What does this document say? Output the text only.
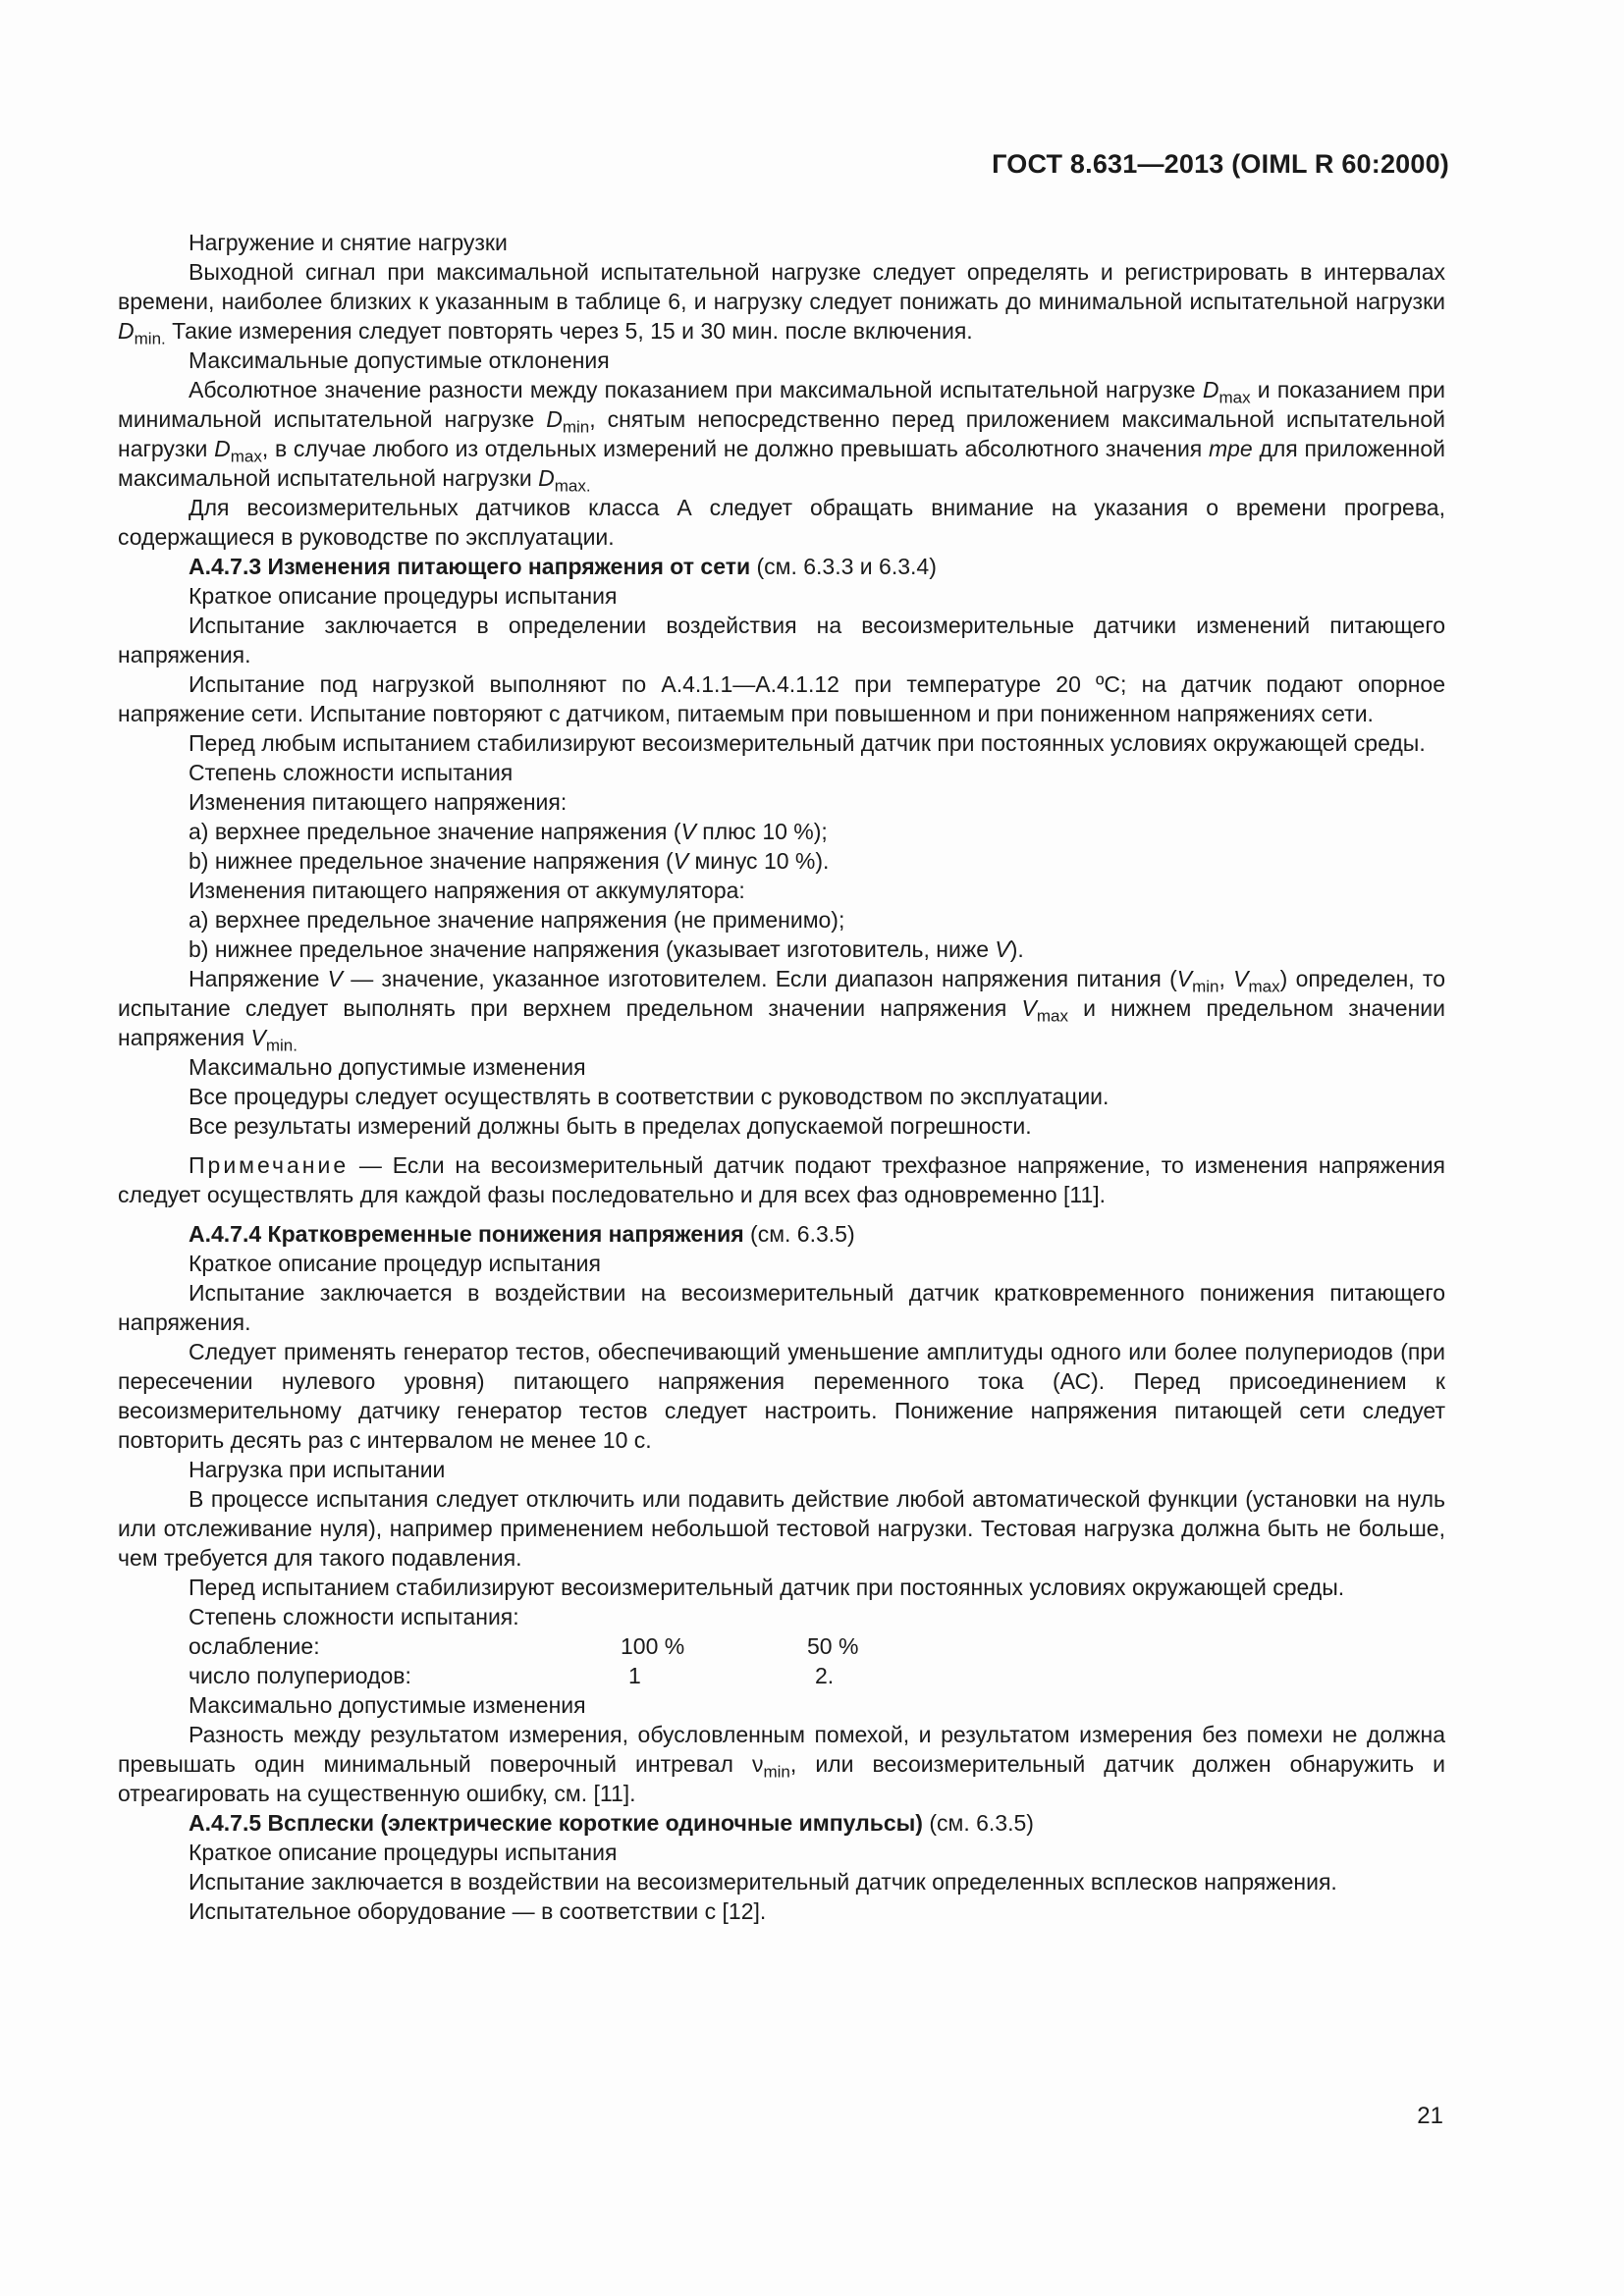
ГОСТ 8.631—2013 (OIML R 60:2000)

Нагружение и снятие нагрузки

Выходной сигнал при максимальной испытательной нагрузке следует определять и регистрировать в интервалах времени, наиболее близких к указанным в таблице 6, и нагрузку следует понижать до минимальной испытательной нагрузки $D_{min.}$ Такие измерения следует повторять через 5, 15 и 30 мин. после включения.

Максимальные допустимые отклонения

Абсолютное значение разности между показанием при максимальной испытательной нагрузке $D_{max}$ и показанием при минимальной испытательной нагрузке $D_{min}$, снятым непосредственно перед приложением максимальной испытательной нагрузки $D_{max}$, в случае любого из отдельных измерений не должно превышать абсолютного значения mpe для приложенной максимальной испытательной нагрузки $D_{max.}$

Для весоизмерительных датчиков класса А следует обращать внимание на указания о времени прогрева, содержащиеся в руководстве по эксплуатации.

А.4.7.3 Изменения питающего напряжения от сети (см. 6.3.3 и 6.3.4)

Краткое описание процедуры испытания

Испытание заключается в определении воздействия на весоизмерительные датчики изменений питающего напряжения.

Испытание под нагрузкой выполняют по А.4.1.1—А.4.1.12 при температуре 20 ºС; на датчик подают опорное напряжение сети. Испытание повторяют с датчиком, питаемым при повышенном и при пониженном напряжениях сети.

Перед любым испытанием стабилизируют весоизмерительный датчик при постоянных условиях окружающей среды.

Степень сложности испытания

Изменения питающего напряжения:

а) верхнее предельное значение напряжения (V плюс 10 %);

b) нижнее предельное значение напряжения (V минус 10 %).

Изменения питающего напряжения от аккумулятора:

а) верхнее предельное значение напряжения (не применимо);

b) нижнее предельное значение напряжения (указывает изготовитель, ниже V).

Напряжение V — значение, указанное изготовителем. Если диапазон напряжения питания ($V_{min}$, $V_{max}$) определен, то испытание следует выполнять при верхнем предельном значении напряжения $V_{max}$ и нижнем предельном значении напряжения $V_{min.}$

Максимально допустимые изменения

Все процедуры следует осуществлять в соответствии с руководством по эксплуатации.

Все результаты измерений должны быть в пределах допускаемой погрешности.

Примечание — Если на весоизмерительный датчик подают трехфазное напряжение, то изменения напряжения следует осуществлять для каждой фазы последовательно и для всех фаз одновременно [11].

А.4.7.4 Кратковременные понижения напряжения (см. 6.3.5)

Краткое описание процедур испытания

Испытание заключается в воздействии на весоизмерительный датчик кратковременного понижения питающего напряжения.

Следует применять генератор тестов, обеспечивающий уменьшение амплитуды одного или более полупериодов (при пересечении нулевого уровня) питающего напряжения переменного тока (АС). Перед присоединением к весоизмерительному датчику генератор тестов следует настроить. Понижение напряжения питающей сети следует повторить десять раз с интервалом не менее 10 с.

Нагрузка при испытании

В процессе испытания следует отключить или подавить действие любой автоматической функции (установки на нуль или отслеживание нуля), например применением небольшой тестовой нагрузки. Тестовая нагрузка должна быть не больше, чем требуется для такого подавления.

Перед испытанием стабилизируют весоизмерительный датчик при постоянных условиях окружающей среды.

Степень сложности испытания:

ослабление:	100 %	50 %
число полупериодов:	1	2.

Максимально допустимые изменения

Разность между результатом измерения, обусловленным помехой, и результатом измерения без помехи не должна превышать один минимальный поверочный интревал $\nu_{min}$, или весоизмерительный датчик должен обнаружить и отреагировать на существенную ошибку, см. [11].

А.4.7.5 Всплески (электрические короткие одиночные импульсы) (см. 6.3.5)

Краткое описание процедуры испытания

Испытание заключается в воздействии на весоизмерительный датчик определенных всплесков напряжения.

Испытательное оборудование — в соответствии с [12].

21
